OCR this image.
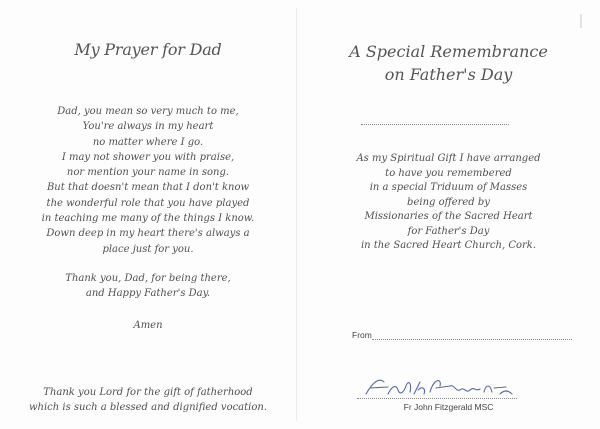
My Prayer for Dad
Dad, you mean so very much to me,
You're always in my heart
no matter where I go.
I may not shower you with praise,
nor mention your name in song.
But that doesn't mean that I don't know
the wonderful role that you have played
in teaching me many of the things I know.
Down deep in my heart there's always a
place just for you.
Thank you, Dad, for being there,
and Happy Father's Day.
Amen
Thank you Lord for the gift of fatherhood
which is such a blessed and dignified vocation.
A Special Remembrance
on Father's Day
As my Spiritual Gift I have arranged
to have you remembered
in a special Triduum of Masses
being offered by
Missionaries of the Sacred Heart
for Father's Day
in the Sacred Heart Church, Cork.
From
Fr John Fitzgerald MSC
